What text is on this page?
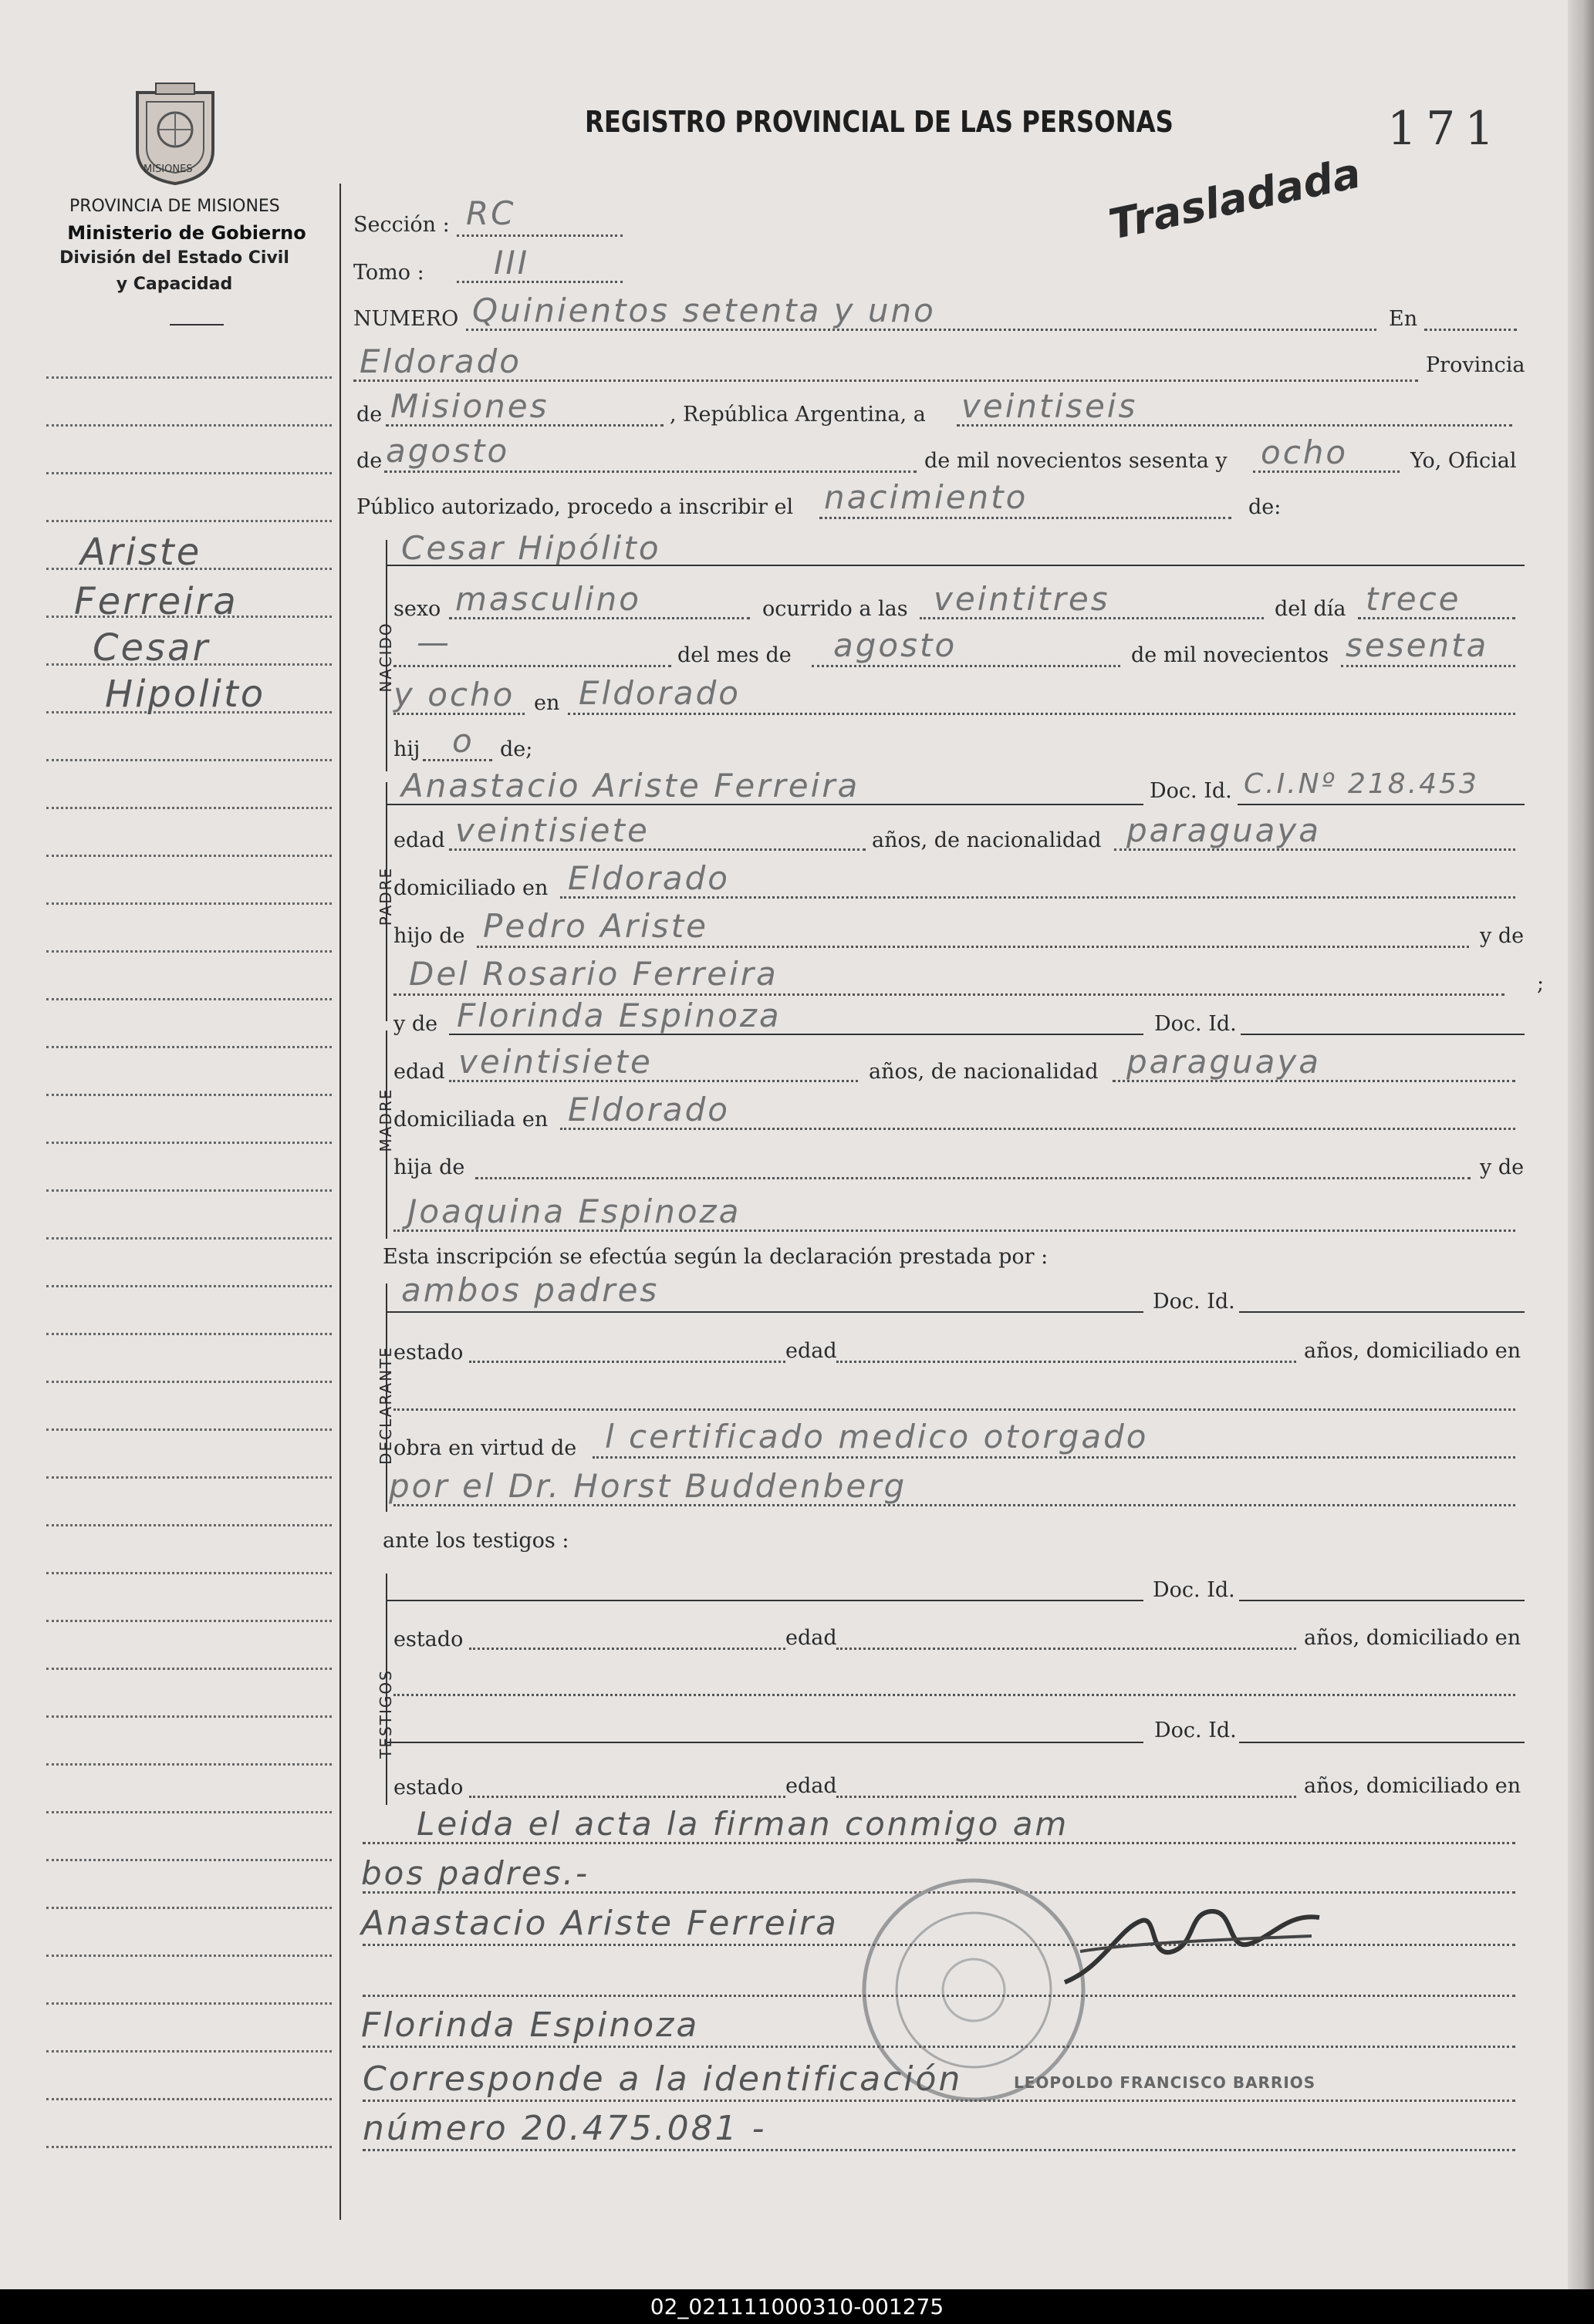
MISIONES
PROVINCIA DE MISIONES
Ministerio de Gobierno
División del Estado Civil
y Capacidad
REGISTRO PROVINCIAL DE LAS PERSONAS	171
Trasladada
Ariste
Ferreira
Cesar
Hipolito
Sección : RC
Tomo : III
NUMERO Quinientos setenta y uno	En
Eldorado	Provincia
de Misiones	, República Argentina, a veintiseis
de agosto	de mil novecientos sesenta y ocho	Yo, Oficial
Público autorizado, procedo a inscribir el nacimiento	de:
NACIDO
Cesar Hipólito
sexo masculino	ocurrido a las veintitres	del día trece
—	del mes de agosto	de mil novecientos sesenta
y ocho en Eldorado
hij o de;
PADRE
Anastacio Ariste Ferreira	Doc. Id. C.I.Nº 218.453
edad veintisiete	años, de nacionalidad paraguaya
domiciliado en Eldorado
hijo de Pedro Ariste	y de
Del Rosario Ferreira	;
MADRE
y de Florinda Espinoza	Doc. Id.
edad veintisiete	años, de nacionalidad paraguaya
domiciliada en Eldorado
hija de	y de
Joaquina Espinoza
Esta inscripción se efectúa según la declaración prestada por :
DECLARANTE
ambos padres	Doc. Id.
estado	edad	años, domiciliado en
obra en virtud de l certificado medico otorgado
por el Dr. Horst Buddenberg
ante los testigos :
TESTIGOS
Doc. Id.
estado	edad	años, domiciliado en
Doc. Id.
estado	edad	años, domiciliado en
Leida el acta la firman conmigo am
bos padres.-
Anastacio Ariste Ferreira
Florinda Espinoza
LEOPOLDO FRANCISCO BARRIOS
Corresponde a la identificación
número 20.475.081 -
02_021111000310-001275
